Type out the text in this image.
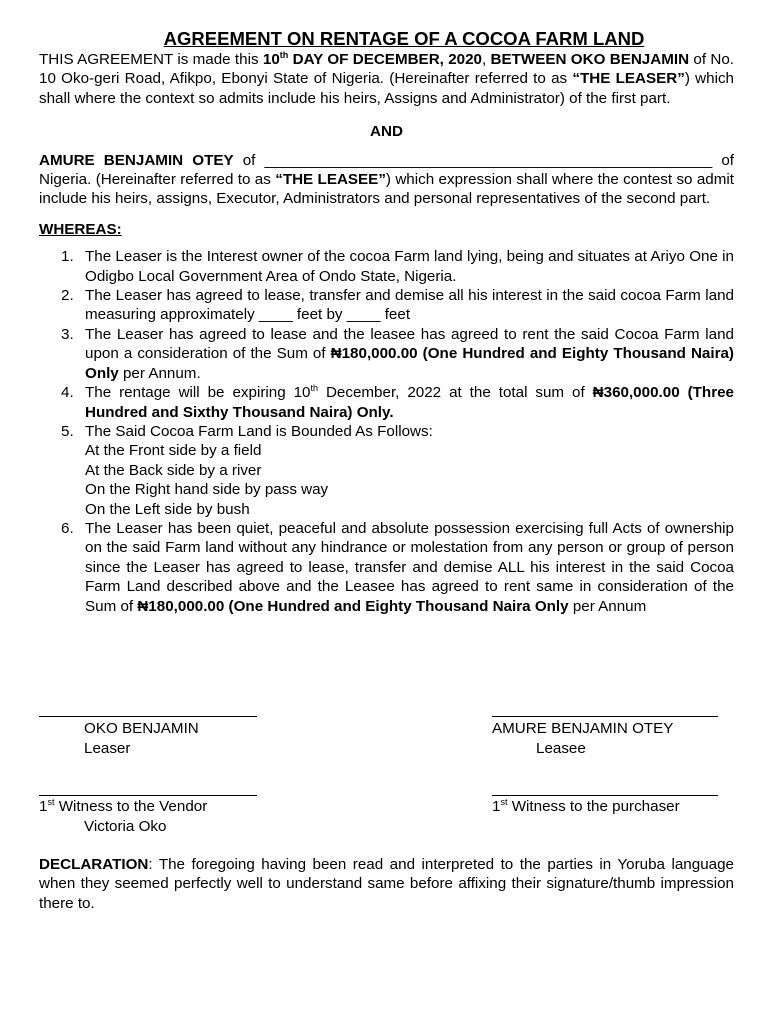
AGREEMENT ON RENTAGE OF A COCOA FARM LAND
THIS AGREEMENT is made this 10th DAY OF DECEMBER, 2020, BETWEEN OKO BENJAMIN of No. 10 Oko-geri Road, Afikpo, Ebonyi State of Nigeria. (Hereinafter referred to as “THE LEASER”) which shall where the context so admits include his heirs, Assigns and Administrator) of the first part.
AND
AMURE BENJAMIN OTEY of _____________________________________________________ of Nigeria. (Hereinafter referred to as “THE LEASEE”) which expression shall where the contest so admit include his heirs, assigns, Executor, Administrators and personal representatives of the second part.
WHEREAS:
1. The Leaser is the Interest owner of the cocoa Farm land lying, being and situates at Ariyo One in Odigbo Local Government Area of Ondo State, Nigeria.
2. The Leaser has agreed to lease, transfer and demise all his interest in the said cocoa Farm land measuring approximately ____ feet by ____ feet
3. The Leaser has agreed to lease and the leasee has agreed to rent the said Cocoa Farm land upon a consideration of the Sum of ₦180,000.00 (One Hundred and Eighty Thousand Naira) Only per Annum.
4. The rentage will be expiring 10th December, 2022 at the total sum of ₦360,000.00 (Three Hundred and Sixthy Thousand Naira) Only.
5. The Said Cocoa Farm Land is Bounded As Follows:
At the Front side by a field
At the Back side by a river
On the Right hand side by pass way
On the Left side by bush
6. The Leaser has been quiet, peaceful and absolute possession exercising full Acts of ownership on the said Farm land without any hindrance or molestation from any person or group of person since the Leaser has agreed to lease, transfer and demise ALL his interest in the said Cocoa Farm Land described above and the Leasee has agreed to rent same in consideration of the Sum of ₦180,000.00 (One Hundred and Eighty Thousand Naira Only per Annum
OKO BENJAMIN
Leaser
AMURE BENJAMIN OTEY
Leasee
1st Witness to the Vendor
Victoria Oko
1st Witness to the purchaser
DECLARATION: The foregoing having been read and interpreted to the parties in Yoruba language when they seemed perfectly well to understand same before affixing their signature/thumb impression there to.
